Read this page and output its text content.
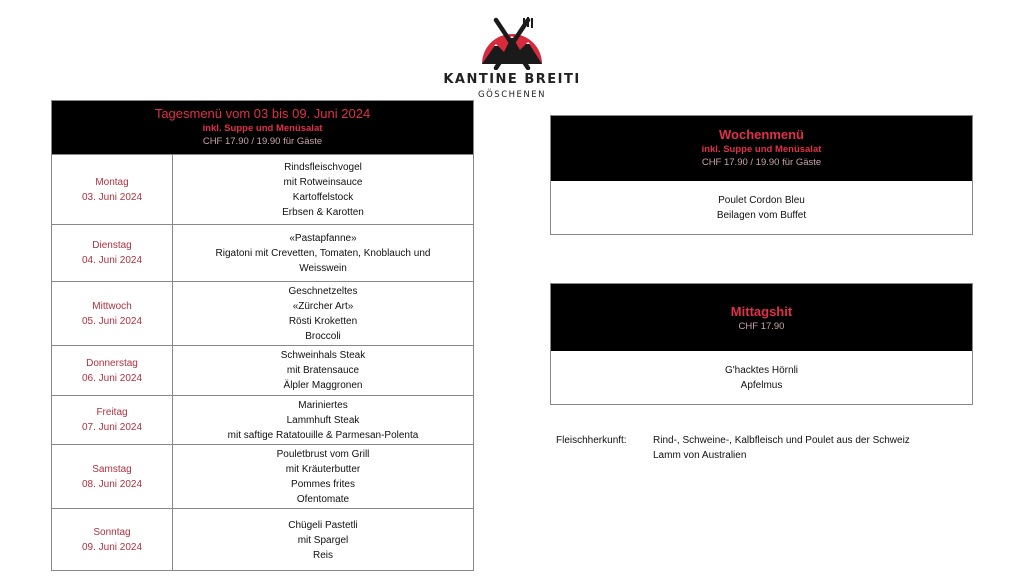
KANTINE BREITI
GÖSCHENEN
Tagesmenü vom 03 bis 09. Juni 2024
inkl. Suppe und Menüsalat
CHF 17.90 / 19.90 für Gäste
Montag
03. Juni 2024
Rindsfleischvogel
mit Rotweinsauce
Kartoffelstock
Erbsen & Karotten
Dienstag
04. Juni 2024
«Pastapfanne»
Rigatoni mit Crevetten, Tomaten, Knoblauch und
Weisswein
Mittwoch
05. Juni 2024
Geschnetzeltes
«Zürcher Art»
Rösti Kroketten
Broccoli
Donnerstag
06. Juni 2024
Schweinhals Steak
mit Bratensauce
Älpler Maggronen
Freitag
07. Juni 2024
Mariniertes
Lammhuft Steak
mit saftige Ratatouille & Parmesan-Polenta
Samstag
08. Juni 2024
Pouletbrust vom Grill
mit Kräuterbutter
Pommes frites
Ofentomate
Sonntag
09. Juni 2024
Chügeli Pastetli
mit Spargel
Reis
Wochenmenü
inkl. Suppe und Menüsalat
CHF 17.90 / 19.90 für Gäste
Poulet Cordon Bleu
Beilagen vom Buffet
Mittagshit
CHF 17.90
G'hacktes Hörnli
Apfelmus
Fleischherkunft:	Rind-, Schweine-, Kalbfleisch und Poulet aus der Schweiz
Lamm von Australien
